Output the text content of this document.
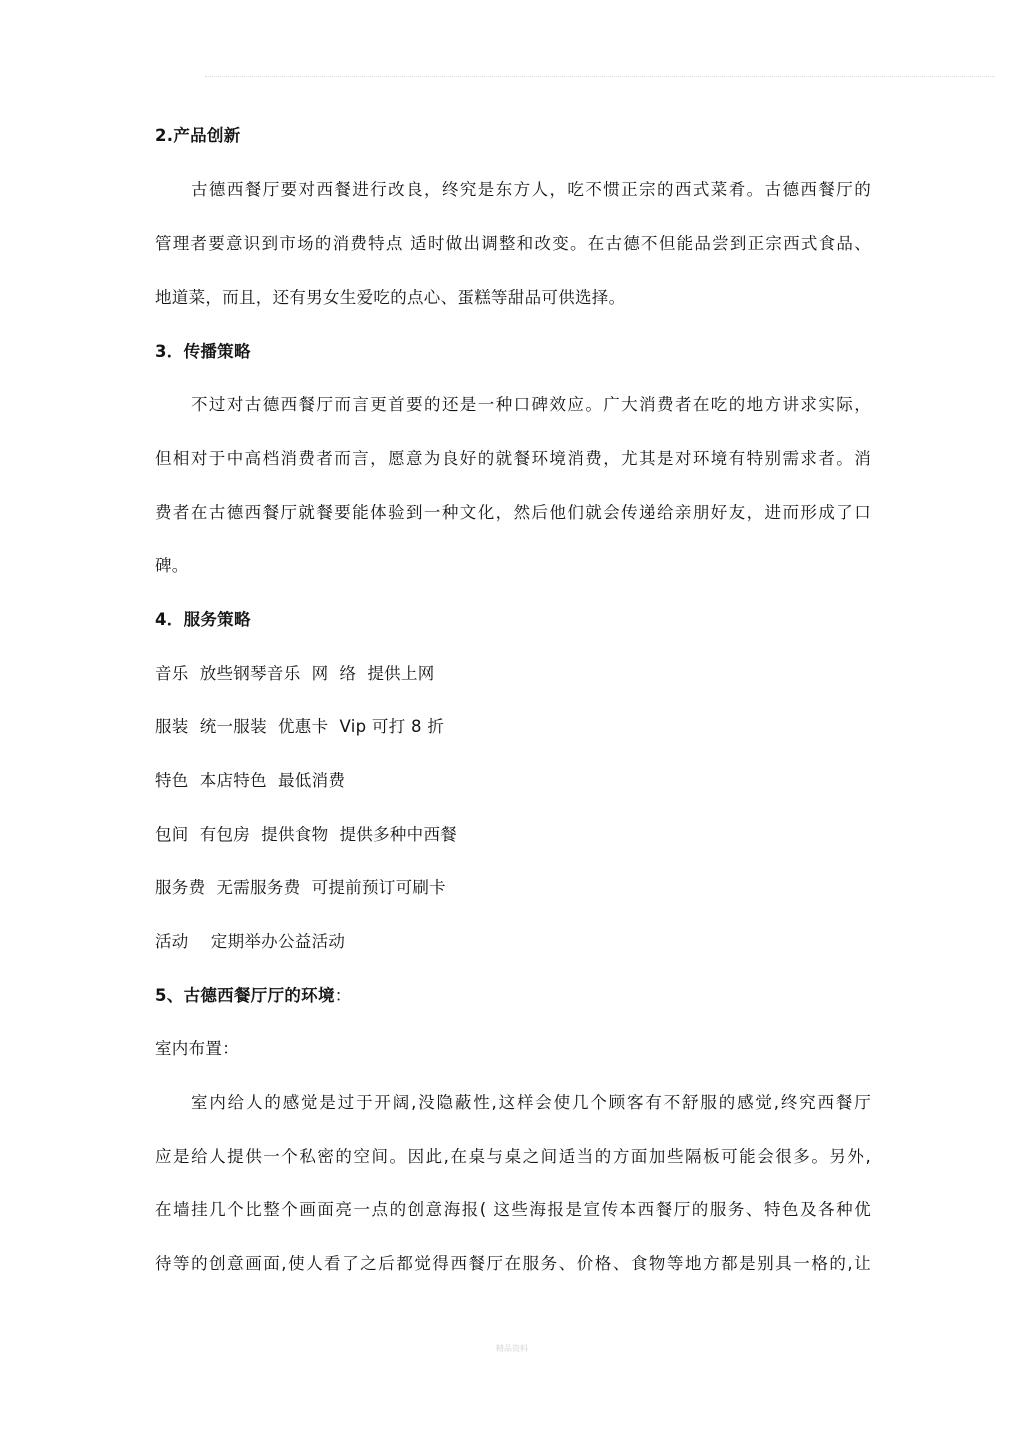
2.产品创新
古德西餐厅要对西餐进行改良，终究是东方人，吃不惯正宗的西式菜肴。古德西餐厅的
管理者要意识到市场的消费特点 适时做出调整和改变。在古德不但能品尝到正宗西式食品、
地道菜，而且，还有男女生爱吃的点心、蛋糕等甜品可供选择。
3．传播策略
不过对古德西餐厅而言更首要的还是一种口碑效应。广大消费者在吃的地方讲求实际，
但相对于中高档消费者而言，愿意为良好的就餐环境消费，尤其是对环境有特别需求者。消
费者在古德西餐厅就餐要能体验到一种文化，然后他们就会传递给亲朋好友，进而形成了口
碑。
4．服务策略
音乐  放些钢琴音乐  网  络  提供上网
服装  统一服装  优惠卡  Vip 可打 8 折
特色  本店特色  最低消费
包间  有包房  提供食物  提供多种中西餐
服务费  无需服务费  可提前预订可刷卡
活动    定期举办公益活动
5、古德西餐厅厅的环境：
室内布置：
室内给人的感觉是过于开阔,没隐蔽性,这样会使几个顾客有不舒服的感觉,终究西餐厅
应是给人提供一个私密的空间。因此,在桌与桌之间适当的方面加些隔板可能会很多。另外,
在墙挂几个比整个画面亮一点的创意海报( 这些海报是宣传本西餐厅的服务、特色及各种优
待等的创意画面,使人看了之后都觉得西餐厅在服务、价格、食物等地方都是别具一格的,让
精品资料
